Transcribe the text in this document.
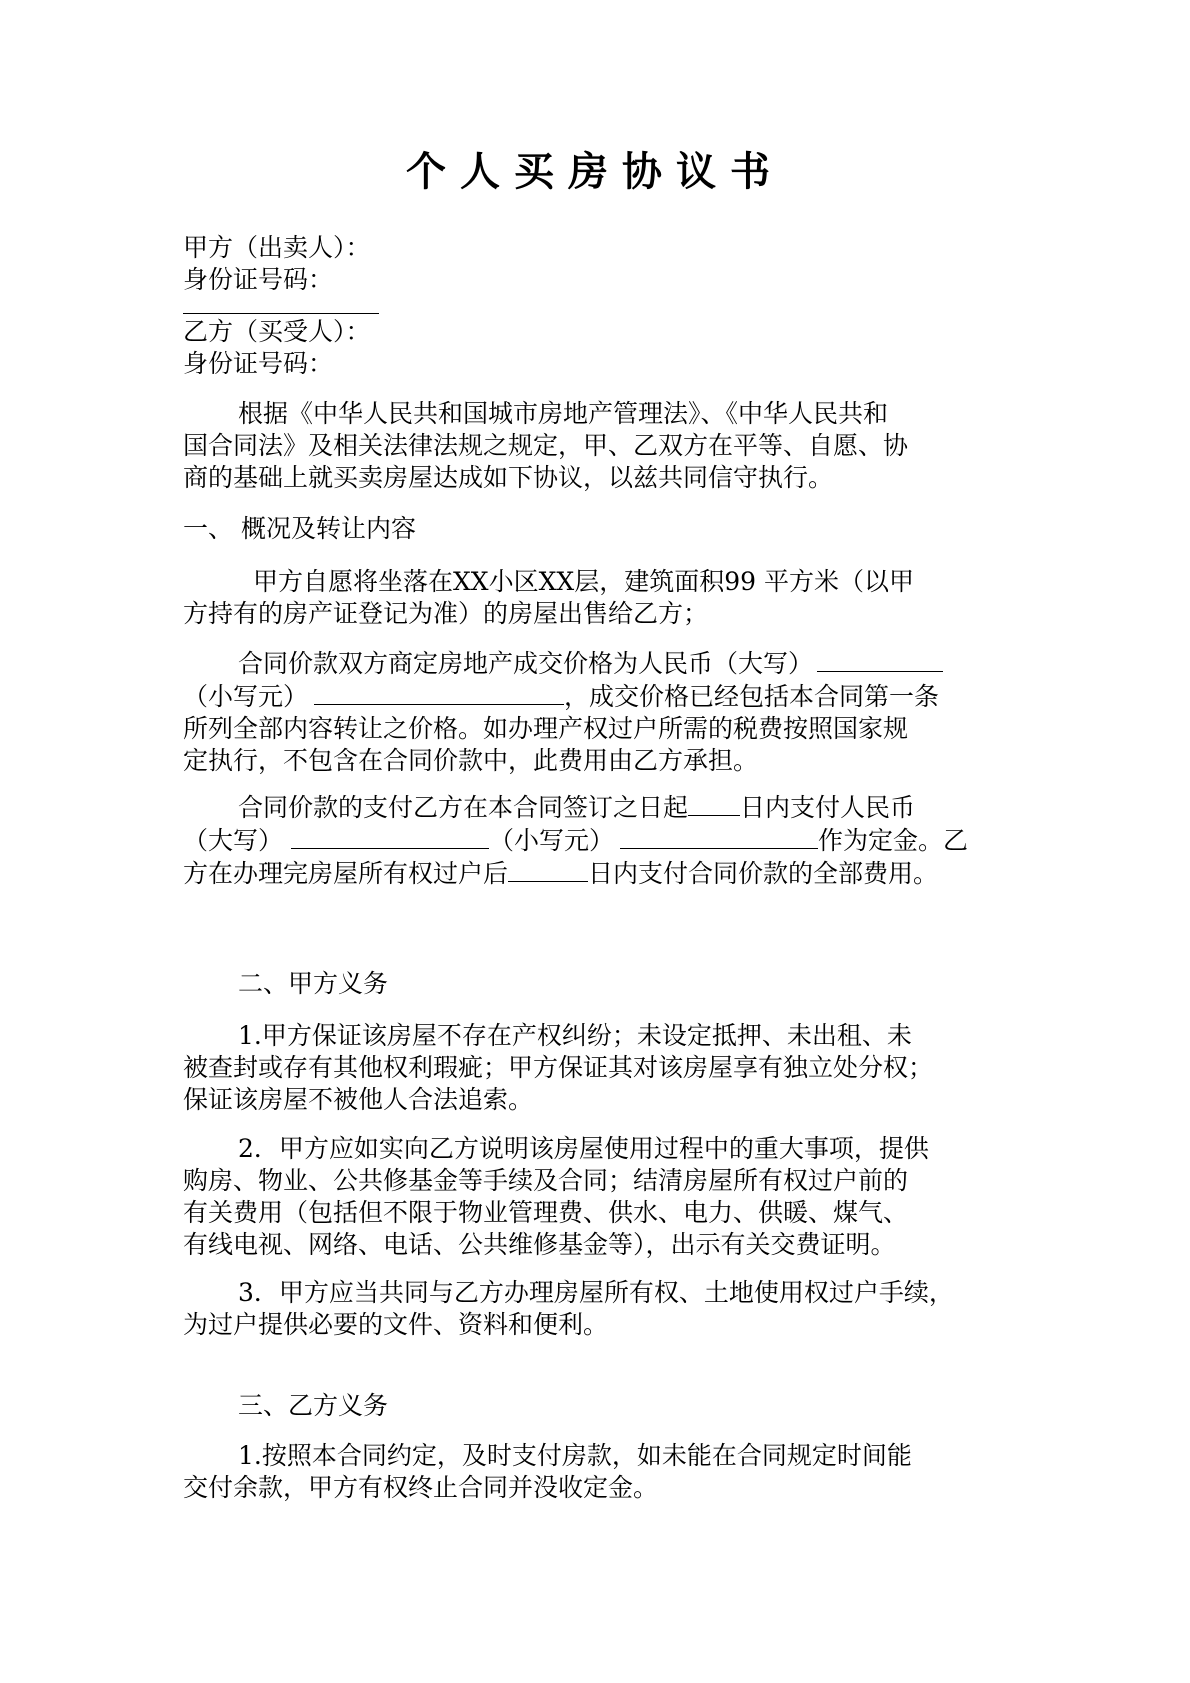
个人买房协议书
甲方（出卖人）：
身份证号码：
乙方（买受人）：
身份证号码：
根据《中华人民共和国城市房地产管理法》、《中华人民共和
国合同法》及相关法律法规之规定，甲、乙双方在平等、自愿、协
商的基础上就买卖房屋达成如下协议，以兹共同信守执行。
一、 概况及转让内容
甲方自愿将坐落在XX小区XX层，建筑面积99 平方米（以甲
方持有的房产证登记为准）的房屋出售给乙方；
合同价款双方商定房地产成交价格为人民币（大写）
（小写元）	，成交价格已经包括本合同第一条
所列全部内容转让之价格。如办理产权过户所需的税费按照国家规
定执行，不包含在合同价款中，此费用由乙方承担。
合同价款的支付乙方在本合同签订之日起 日内支付人民币
（大写）	（小写元）	作为定金。乙
方在办理完房屋所有权过户后	日内支付合同价款的全部费用。
二、甲方义务
1.甲方保证该房屋不存在产权纠纷；未设定抵押、未出租、未
被查封或存有其他权利瑕疵；甲方保证其对该房屋享有独立处分权；
保证该房屋不被他人合法追索。
2．甲方应如实向乙方说明该房屋使用过程中的重大事项，提供
购房、物业、公共修基金等手续及合同；结清房屋所有权过户前的
有关费用（包括但不限于物业管理费、供水、电力、供暖、煤气、
有线电视、网络、电话、公共维修基金等），出示有关交费证明。
3．甲方应当共同与乙方办理房屋所有权、土地使用权过户手续，
为过户提供必要的文件、资料和便利。
三、乙方义务
1.按照本合同约定，及时支付房款，如未能在合同规定时间能
交付余款，甲方有权终止合同并没收定金。
